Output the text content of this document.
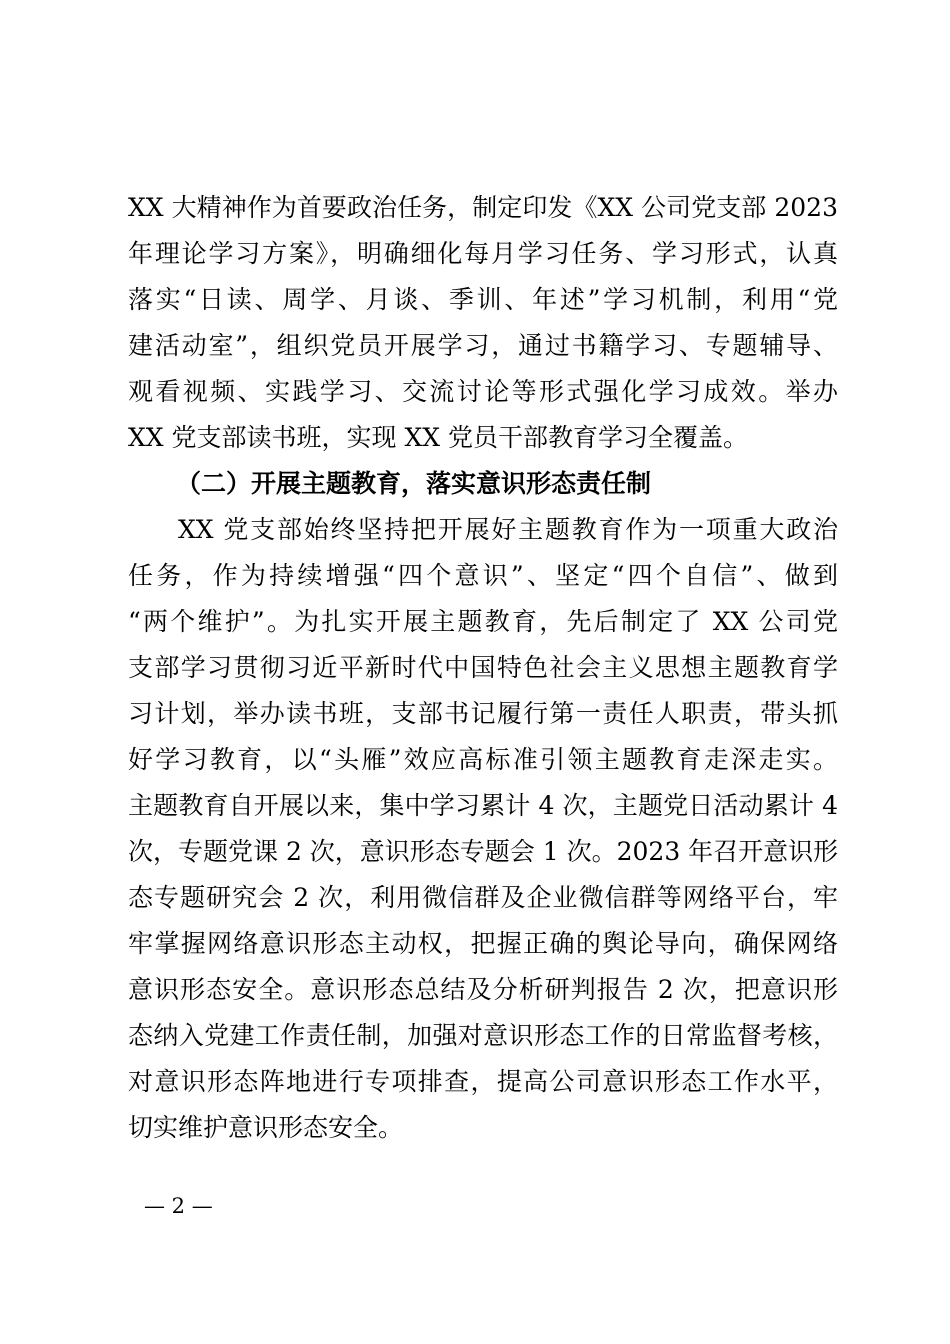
XX 大精神作为首要政治任务，制定印发《XX 公司党支部 2023
年理论学习方案》，明确细化每月学习任务、学习形式，认真
落实“日读、周学、月谈、季训、年述”学习机制，利用“党
建活动室”，组织党员开展学习，通过书籍学习、专题辅导、
观看视频、实践学习、交流讨论等形式强化学习成效。举办
XX 党支部读书班，实现 XX 党员干部教育学习全覆盖。
（二）开展主题教育，落实意识形态责任制
XX 党支部始终坚持把开展好主题教育作为一项重大政治
任务，作为持续增强“四个意识”、坚定“四个自信”、做到
“两个维护”。为扎实开展主题教育，先后制定了 XX 公司党
支部学习贯彻习近平新时代中国特色社会主义思想主题教育学
习计划，举办读书班，支部书记履行第一责任人职责，带头抓
好学习教育，以“头雁”效应高标准引领主题教育走深走实。
主题教育自开展以来，集中学习累计 4 次，主题党日活动累计 4
次，专题党课 2 次，意识形态专题会 1 次。2023 年召开意识形
态专题研究会 2 次，利用微信群及企业微信群等网络平台，牢
牢掌握网络意识形态主动权，把握正确的舆论导向，确保网络
意识形态安全。意识形态总结及分析研判报告 2 次，把意识形
态纳入党建工作责任制，加强对意识形态工作的日常监督考核，
对意识形态阵地进行专项排查，提高公司意识形态工作水平，
切实维护意识形态安全。
— 2 —
